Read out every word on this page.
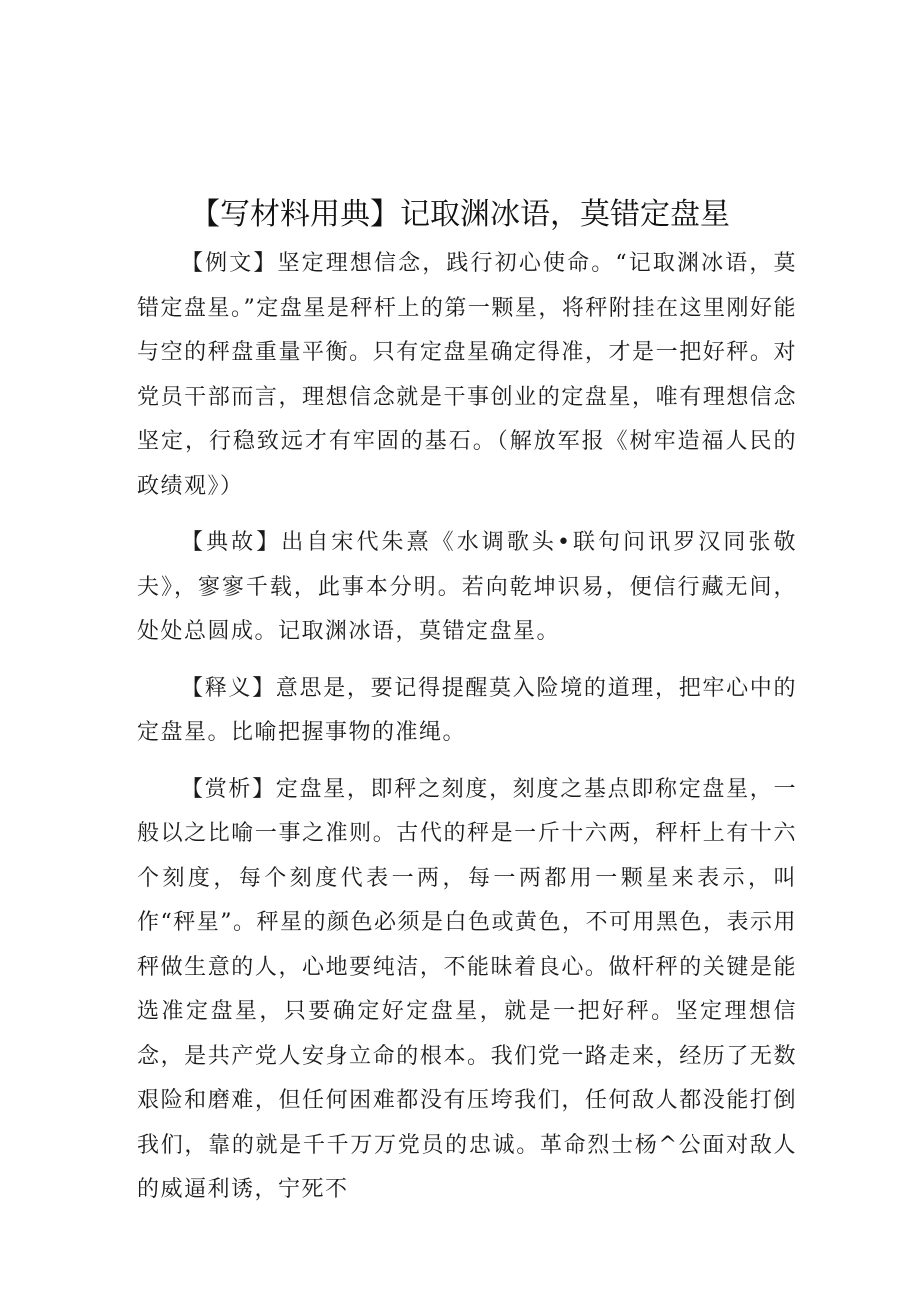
【写材料用典】记取渊冰语，莫错定盘星

【例文】坚定理想信念，践行初心使命。“记取渊冰语，莫错定盘星。”定盘星是秤杆上的第一颗星，将秤附挂在这里刚好能与空的秤盘重量平衡。只有定盘星确定得准，才是一把好秤。对党员干部而言，理想信念就是干事创业的定盘星，唯有理想信念坚定，行稳致远才有牢固的基石。（解放军报《树牢造福人民的政绩观》）

【典故】出自宋代朱熹《水调歌头•联句问讯罗汉同张敬夫》，寥寥千载，此事本分明。若向乾坤识易，便信行藏无间，处处总圆成。记取渊冰语，莫错定盘星。

【释义】意思是，要记得提醒莫入险境的道理，把牢心中的定盘星。比喻把握事物的准绳。

【赏析】定盘星，即秤之刻度，刻度之基点即称定盘星，一般以之比喻一事之准则。古代的秤是一斤十六两，秤杆上有十六个刻度，每个刻度代表一两，每一两都用一颗星来表示，叫作“秤星”。秤星的颜色必须是白色或黄色，不可用黑色，表示用秤做生意的人，心地要纯洁，不能昧着良心。做杆秤的关键是能选准定盘星，只要确定好定盘星，就是一把好秤。坚定理想信念，是共产党人安身立命的根本。我们党一路走来，经历了无数艰险和磨难，但任何困难都没有压垮我们，任何敌人都没能打倒我们，靠的就是千千万万党员的忠诚。革命烈士杨^公面对敌人的威逼利诱，宁死不
